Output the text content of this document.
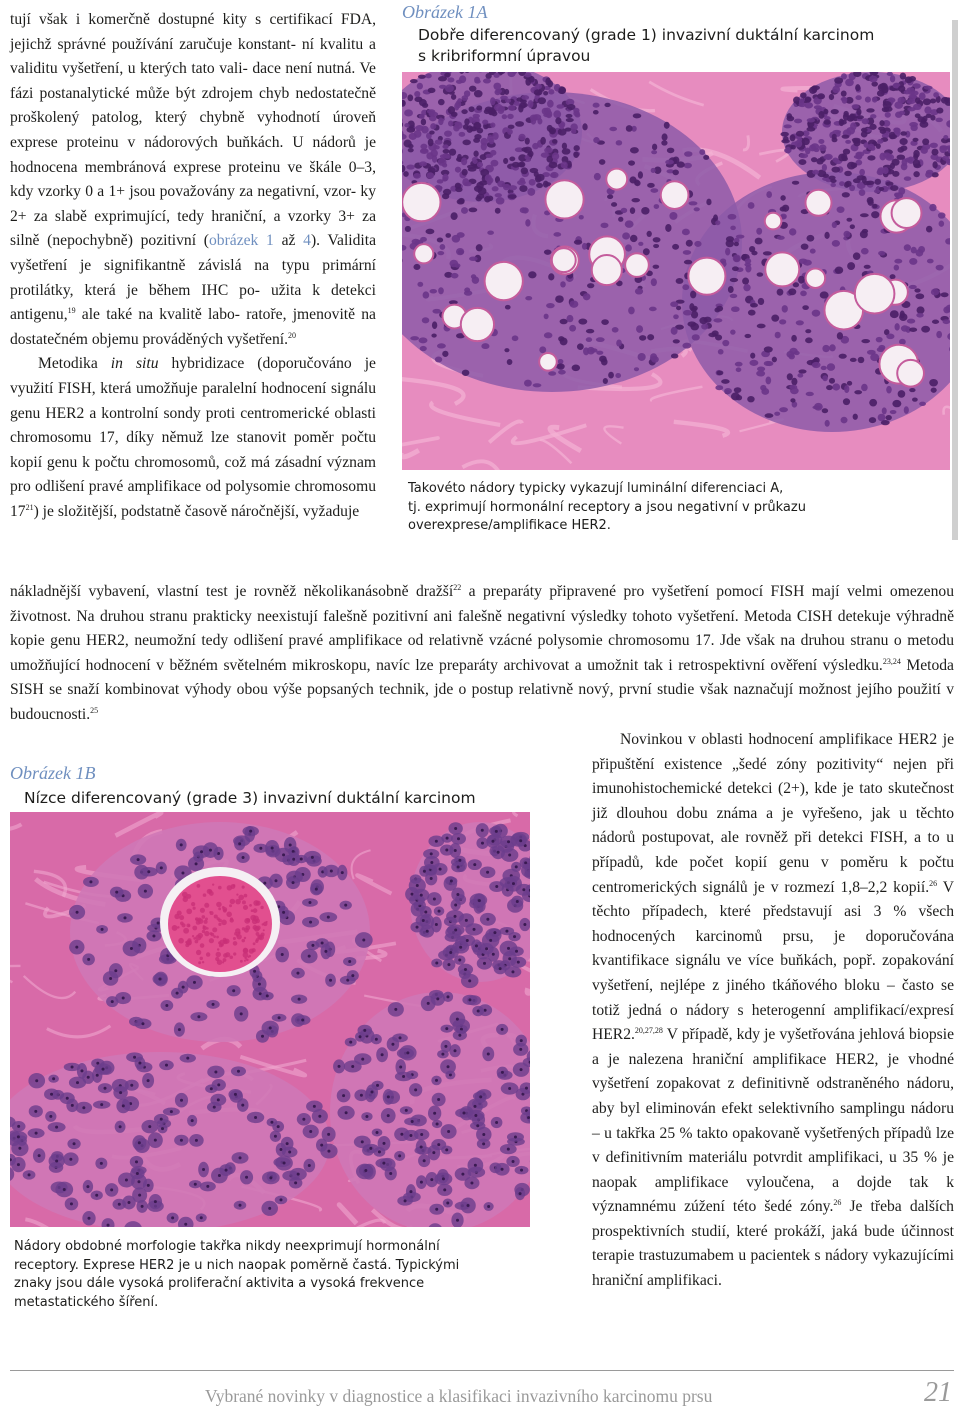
tují však i komerčně dostupné kity s certifikací FDA, jejichž správné používání zaručuje konstant- ní kvalitu a validitu vyšetření, u kterých tato vali- dace není nutná. Ve fázi postanalytické může být zdrojem chyb nedostatečně proškolený patolog, který chybně vyhodnotí úroveň exprese proteinu v nádorových buňkách. U nádorů je hodnocena membránová exprese proteinu ve škále 0–3, kdy vzorky 0 a 1+ jsou považovány za negativní, vzor- ky 2+ za slabě exprimující, tedy hraniční, a vzorky 3+ za silně (nepochybně) pozitivní (obrázek 1 až 4). Validita vyšetření je signifikantně závislá na typu primární protilátky, která je během IHC po- užita k detekci antigenu,$^{19}$ ale také na kvalitě labo- ratoře, jmenovitě na dostatečném objemu prováděných vyšetření.$^{20}$

Metodika in situ hybridizace (doporučováno je využití FISH, která umožňuje paralelní hodnocení signálu genu HER2 a kontrolní sondy proti centromerické oblasti chromosomu 17, díky němuž lze stanovit poměr počtu kopií genu k počtu chromosomů, což má zásadní význam pro odlišení pravé amplifikace od polysomie chromosomu 17$^{21}$) je složitější, podstatně časově náročnější, vyžaduje

nákladnější vybavení, vlastní test je rovněž několikanásobně dražší$^{22}$ a preparáty připravené pro vyšetření pomocí FISH mají velmi omezenou životnost. Na druhou stranu prakticky neexistují falešně pozitivní ani falešně negativní výsledky tohoto vyšetření. Metoda CISH detekuje výhradně kopie genu HER2, neumožní tedy odlišení pravé amplifikace od relativně vzácné polysomie chromosomu 17. Jde však na druhou stranu o metodu umožňující hodnocení v běžném světelném mikroskopu, navíc lze preparáty archivovat a umožnit tak i retrospektivní ověření výsledku.$^{23,24}$ Metoda SISH se snaží kombinovat výhody obou výše popsaných technik, jde o postup relativně nový, první studie však naznačují možnost jejího použití v budoucnosti.$^{25}$

Novinkou v oblasti hodnocení amplifikace HER2 je připuštění existence „šedé zóny pozitivity“ nejen při imunohistochemické detekci (2+), kde je tato skutečnost již dlouhou dobu známa a je vyřešeno, jak u těchto nádorů postupovat, ale rovněž při detekci FISH, a to u případů, kde počet kopií genu v poměru k počtu centromerických signálů je v rozmezí 1,8–2,2 kopií.$^{26}$ V těchto případech, které představují asi 3 % všech hodnocených karcinomů prsu, je doporučována kvantifikace signálu ve více buňkách, popř. zopakování vyšetření, nejlépe z jiného tkáňového bloku – často se totiž jedná o nádory s heterogenní amplifikací/expresí HER2.$^{20,27,28}$ V případě, kdy je vyšetřována jehlová biopsie a je nalezena hraniční amplifikace HER2, je vhodné vyšetření zopakovat z definitivně odstraněného nádoru, aby byl eliminován efekt selektivního samplingu nádoru – u takřka 25 % takto opakovaně vyšetřených případů lze v definitivním materiálu potvrdit amplifikaci, u 35 % je naopak amplifikace vyloučena, a dojde tak k významnému zúžení této šedé zóny.$^{26}$ Je třeba dalších prospektivních studií, které prokáží, jaká bude účinnost terapie trastuzumabem u pacientek s nádory vykazujícími hraniční amplifikaci.

Obrázek 1A
Dobře diferencovaný (grade 1) invazivní duktální karcinom
s kribriformní úpravou
Takovéto nádory typicky vykazují luminální diferenciaci A,
tj. exprimují hormonální receptory a jsou negativní v průkazu
overexprese/amplifikace HER2.
Obrázek 1B
Nízce diferencovaný (grade 3) invazivní duktální karcinom
Nádory obdobné morfologie takřka nikdy neexprimují hormonální
receptory. Exprese HER2 je u nich naopak poměrně častá. Typickými
znaky jsou dále vysoká proliferační aktivita a vysoká frekvence
metastatického šíření.
Vybrané novinky v diagnostice a klasifikaci invazivního karcinomu prsu	21
